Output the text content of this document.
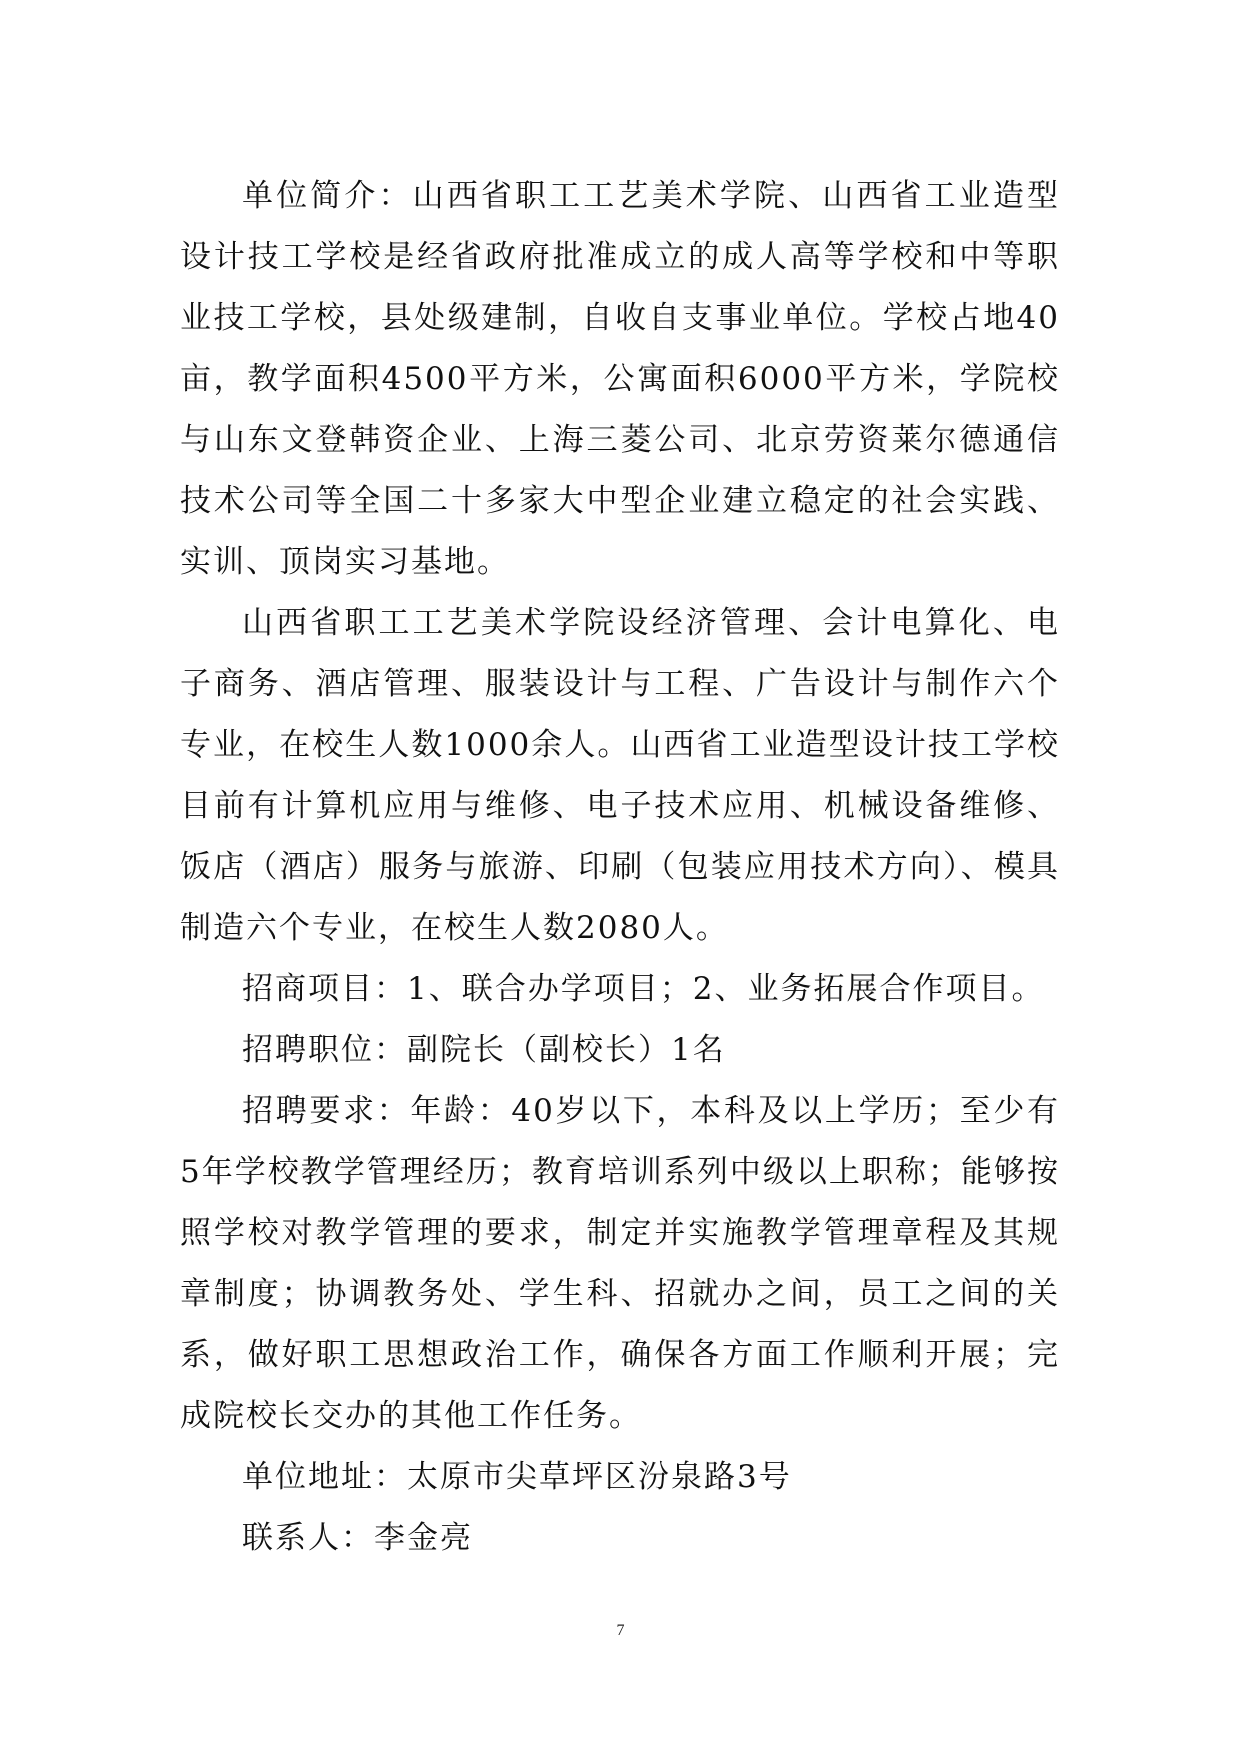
单位简介：山西省职工工艺美术学院、山西省工业造型设计技工学校是经省政府批准成立的成人高等学校和中等职业技工学校，县处级建制，自收自支事业单位。学校占地40亩，教学面积4500平方米，公寓面积6000平方米，学院校与山东文登韩资企业、上海三菱公司、北京劳资莱尔德通信技术公司等全国二十多家大中型企业建立稳定的社会实践、实训、顶岗实习基地。

山西省职工工艺美术学院设经济管理、会计电算化、电子商务、酒店管理、服装设计与工程、广告设计与制作六个专业，在校生人数1000余人。山西省工业造型设计技工学校目前有计算机应用与维修、电子技术应用、机械设备维修、饭店（酒店）服务与旅游、印刷（包装应用技术方向）、模具制造六个专业，在校生人数2080人。

招商项目：1、联合办学项目；2、业务拓展合作项目。

招聘职位：副院长（副校长）1名

招聘要求：年龄：40岁以下，本科及以上学历；至少有5年学校教学管理经历；教育培训系列中级以上职称；能够按照学校对教学管理的要求，制定并实施教学管理章程及其规章制度；协调教务处、学生科、招就办之间，员工之间的关系，做好职工思想政治工作，确保各方面工作顺利开展；完成院校长交办的其他工作任务。

单位地址：太原市尖草坪区汾泉路3号

联系人：李金亮

7
